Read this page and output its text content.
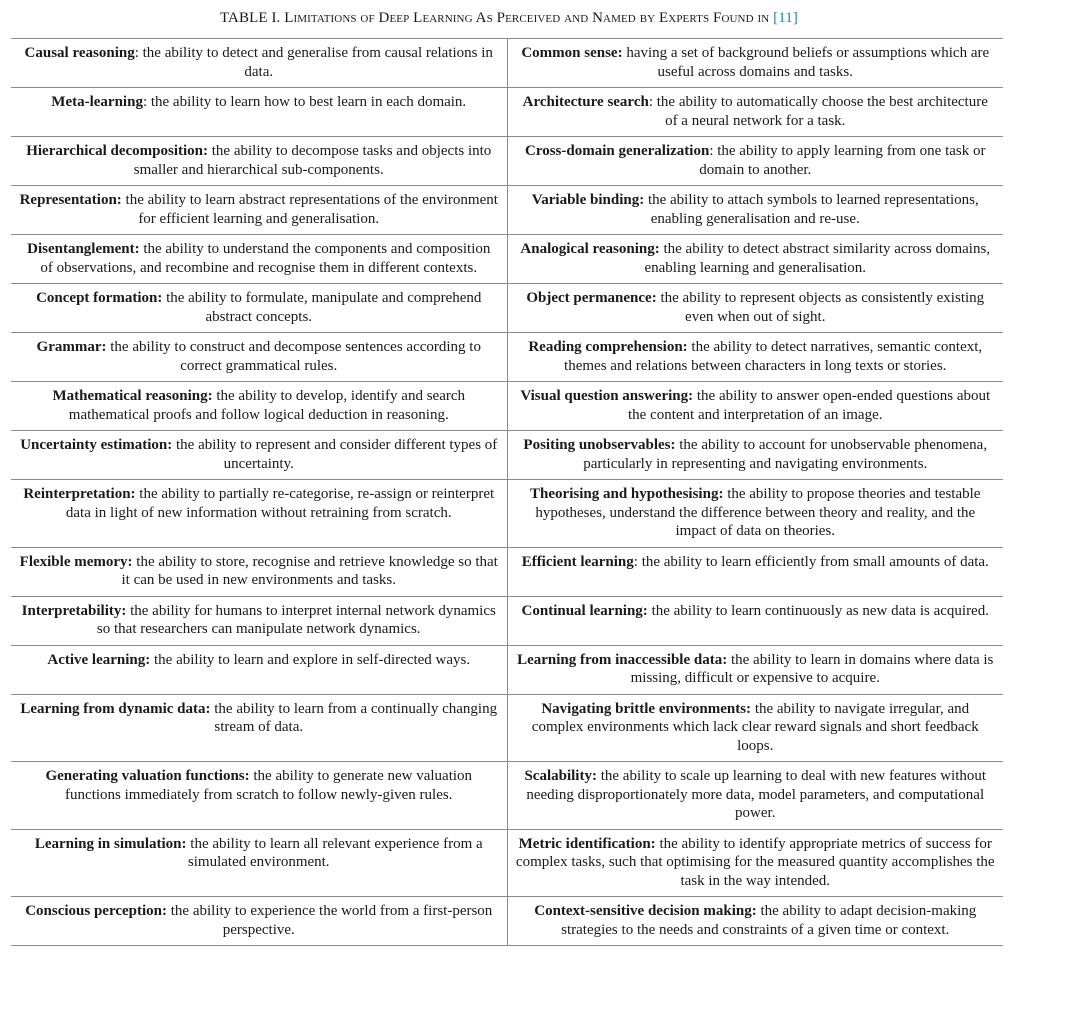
TABLE I. Limitations of Deep Learning As Perceived and Named by Experts Found in [11]
Causal reasoning: the ability to detect and generalise from causal relations in data.	Common sense: having a set of background beliefs or assumptions which are useful across domains and tasks.
Meta-learning: the ability to learn how to best learn in each domain.	Architecture search: the ability to automatically choose the best architecture of a neural network for a task.
Hierarchical decomposition: the ability to decompose tasks and objects into smaller and hierarchical sub-components.	Cross-domain generalization: the ability to apply learning from one task or domain to another.
Representation: the ability to learn abstract representations of the environment for efficient learning and generalisation.	Variable binding: the ability to attach symbols to learned representations, enabling generalisation and re-use.
Disentanglement: the ability to understand the components and composition of observations, and recombine and recognise them in different contexts.	Analogical reasoning: the ability to detect abstract similarity across domains, enabling learning and generalisation.
Concept formation: the ability to formulate, manipulate and comprehend abstract concepts.	Object permanence: the ability to represent objects as consistently existing even when out of sight.
Grammar: the ability to construct and decompose sentences according to correct grammatical rules.	Reading comprehension: the ability to detect narratives, semantic context, themes and relations between characters in long texts or stories.
Mathematical reasoning: the ability to develop, identify and search mathematical proofs and follow logical deduction in reasoning.	Visual question answering: the ability to answer open-ended questions about the content and interpretation of an image.
Uncertainty estimation: the ability to represent and consider different types of uncertainty.	Positing unobservables: the ability to account for unobservable phenomena, particularly in representing and navigating environments.
Reinterpretation: the ability to partially re-categorise, re-assign or reinterpret data in light of new information without retraining from scratch.	Theorising and hypothesising: the ability to propose theories and testable hypotheses, understand the difference between theory and reality, and the impact of data on theories.
Flexible memory: the ability to store, recognise and retrieve knowledge so that it can be used in new environments and tasks.	Efficient learning: the ability to learn efficiently from small amounts of data.
Interpretability: the ability for humans to interpret internal network dynamics so that researchers can manipulate network dynamics.	Continual learning: the ability to learn continuously as new data is acquired.
Active learning: the ability to learn and explore in self-directed ways.	Learning from inaccessible data: the ability to learn in domains where data is missing, difficult or expensive to acquire.
Learning from dynamic data: the ability to learn from a continually changing stream of data.	Navigating brittle environments: the ability to navigate irregular, and complex environments which lack clear reward signals and short feedback loops.
Generating valuation functions: the ability to generate new valuation functions immediately from scratch to follow newly-given rules.	Scalability: the ability to scale up learning to deal with new features without needing disproportionately more data, model parameters, and computational power.
Learning in simulation: the ability to learn all relevant experience from a simulated environment.	Metric identification: the ability to identify appropriate metrics of success for complex tasks, such that optimising for the measured quantity accomplishes the task in the way intended.
Conscious perception: the ability to experience the world from a first-person perspective.	Context-sensitive decision making: the ability to adapt decision-making strategies to the needs and constraints of a given time or context.
